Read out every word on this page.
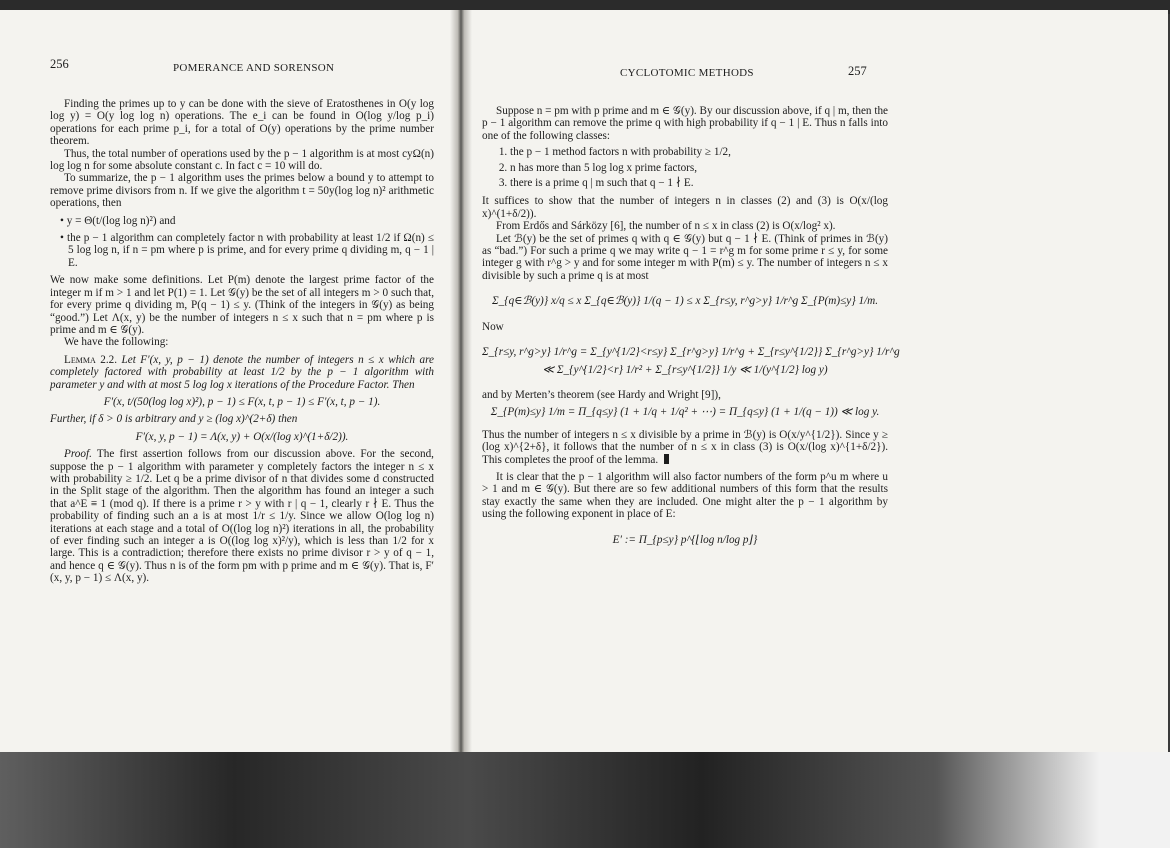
256	POMERANCE AND SORENSON

Finding the primes up to y can be done with the sieve of Eratosthenes in O(y log log y) = O(y log log n) operations. The e_i can be found in O(log y/log p_i) operations for each prime p_i, for a total of O(y) operations by the prime number theorem.

Thus, the total number of operations used by the p − 1 algorithm is at most cyΩ(n) log log n for some absolute constant c. In fact c = 10 will do.

To summarize, the p − 1 algorithm uses the primes below a bound y to attempt to remove prime divisors from n. If we give the algorithm t = 50y(log log n)² arithmetic operations, then

• y = Θ(t/(log log n)²) and

• the p − 1 algorithm can completely factor n with probability at least 1/2 if Ω(n) ≤ 5 log log n, if n = pm where p is prime, and for every prime q dividing m, q − 1 | E.

We now make some definitions. Let P(m) denote the largest prime factor of the integer m if m > 1 and let P(1) = 1. Let 𝒢(y) be the set of all integers m > 0 such that, for every prime q dividing m, P(q − 1) ≤ y. (Think of the integers in 𝒢(y) as being “good.”) Let Λ(x, y) be the number of integers n ≤ x such that n = pm where p is prime and m ∈ 𝒢(y).

We have the following:

Lemma 2.2. Let F′(x, y, p − 1) denote the number of integers n ≤ x which are completely factored with probability at least 1/2 by the p − 1 algorithm with parameter y and with at most 5 log log x iterations of the Procedure Factor. Then

F′(x, t/(50(log log x)²), p − 1) ≤ F(x, t, p − 1) ≤ F′(x, t, p − 1).

Further, if δ > 0 is arbitrary and y ≥ (log x)^(2+δ) then

F′(x, y, p − 1) = Λ(x, y) + O(x/(log x)^(1+δ/2)).

Proof. The first assertion follows from our discussion above. For the second, suppose the p − 1 algorithm with parameter y completely factors the integer n ≤ x with probability ≥ 1/2. Let q be a prime divisor of n that divides some d constructed in the Split stage of the algorithm. Then the algorithm has found an integer a such that a^E ≡ 1 (mod q). If there is a prime r > y with r | q − 1, clearly r ∤ E. Thus the probability of finding such an a is at most 1/r ≤ 1/y. Since we allow O(log log n) iterations at each stage and a total of O((log log n)²) iterations in all, the probability of ever finding such an integer a is O((log log x)²/y), which is less than 1/2 for x large. This is a contradiction; therefore there exists no prime divisor r > y of q − 1, and hence q ∈ 𝒢(y). Thus n is of the form pm with p prime and m ∈ 𝒢(y). That is, F′(x, y, p − 1) ≤ Λ(x, y).

CYCLOTOMIC METHODS	257

Suppose n = pm with p prime and m ∈ 𝒢(y). By our discussion above, if q | m, then the p − 1 algorithm can remove the prime q with high probability if q − 1 | E. Thus n falls into one of the following classes:

1. the p − 1 method factors n with probability ≥ 1/2,
2. n has more than 5 log log x prime factors,
3. there is a prime q | m such that q − 1 ∤ E.

It suffices to show that the number of integers n in classes (2) and (3) is O(x/(log x)^(1+δ/2)).

From Erdős and Sárközy [6], the number of n ≤ x in class (2) is O(x/log² x).

Let ℬ(y) be the set of primes q with q ∈ 𝒢(y) but q − 1 ∤ E. (Think of primes in ℬ(y) as “bad.”) For such a prime q we may write q − 1 = r^g m for some prime r ≤ y, for some integer g with r^g > y and for some integer m with P(m) ≤ y. The number of integers n ≤ x divisible by such a prime q is at most

Σ_{q∈ℬ(y)} x/q ≤ x Σ_{q∈ℬ(y)} 1/(q − 1) ≤ x Σ_{r≤y, r^g>y} 1/r^g Σ_{P(m)≤y} 1/m.

Now

Σ_{r≤y, r^g>y} 1/r^g = Σ_{y^{1/2}<r≤y} Σ_{r^g>y} 1/r^g + Σ_{r≤y^{1/2}} Σ_{r^g>y} 1/r^g
≪ Σ_{y^{1/2}<r} 1/r² + Σ_{r≤y^{1/2}} 1/y ≪ 1/(y^{1/2} log y)

and by Merten’s theorem (see Hardy and Wright [9]),

Σ_{P(m)≤y} 1/m = Π_{q≤y} (1 + 1/q + 1/q² + ⋯) = Π_{q≤y} (1 + 1/(q − 1)) ≪ log y.

Thus the number of integers n ≤ x divisible by a prime in ℬ(y) is O(x/y^{1/2}). Since y ≥ (log x)^{2+δ}, it follows that the number of n ≤ x in class (3) is O(x/(log x)^{1+δ/2}). This completes the proof of the lemma.

It is clear that the p − 1 algorithm will also factor numbers of the form p^u m where u > 1 and m ∈ 𝒢(y). But there are so few additional numbers of this form that the results stay exactly the same when they are included. One might alter the p − 1 algorithm by using the following exponent in place of E:

E′ := Π_{p≤y} p^{⌊log n/log p⌋}
